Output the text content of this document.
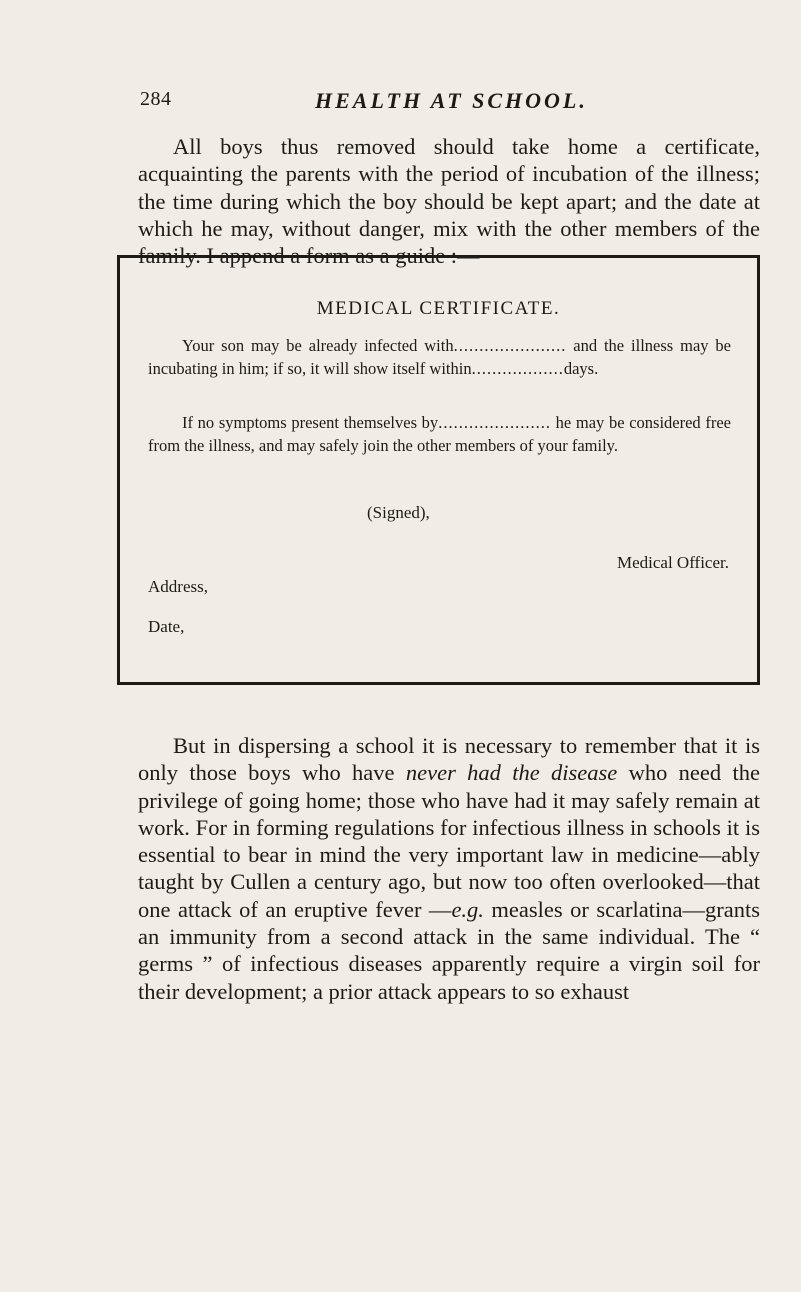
284	HEALTH AT SCHOOL.

All boys thus removed should take home a certificate, acquainting the parents with the period of incubation of the illness; the time during which the boy should be kept apart; and the date at which he may, without danger, mix with the other members of the family. I append a form as a guide :—

MEDICAL CERTIFICATE.

Your son may be already infected with...................... and the illness may be incubating in him; if so, it will show itself within..................days.

If no symptoms present themselves by...................... he may be considered free from the illness, and may safely join the other members of your family.

(Signed),
Medical Officer.
Address,
Date,

But in dispersing a school it is necessary to remember that it is only those boys who have never had the disease who need the privilege of going home; those who have had it may safely remain at work. For in forming regulations for infectious illness in schools it is essential to bear in mind the very important law in medicine—ably taught by Cullen a century ago, but now too often overlooked—that one attack of an eruptive fever —e.g. measles or scarlatina—grants an immunity from a second attack in the same individual. The “ germs ” of infectious diseases apparently require a virgin soil for their development; a prior attack appears to so exhaust
